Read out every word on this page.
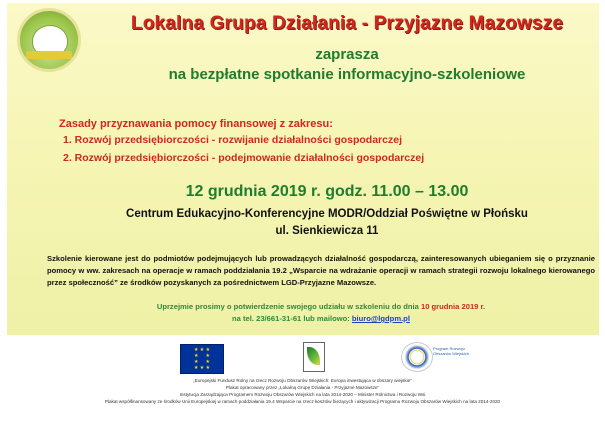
Lokalna Grupa Działania - Przyjazne Mazowsze
zaprasza
na bezpłatne spotkanie informacyjno-szkoleniowe
Zasady przyznawania pomocy finansowej z zakresu:
1. Rozwój przedsiębiorczości - rozwijanie działalności gospodarczej
2. Rozwój przedsiębiorczości - podejmowanie działalności gospodarczej
12 grudnia 2019 r. godz. 11.00 – 13.00
Centrum Edukacyjno-Konferencyjne MODR/Oddział Poświętne w Płońsku
ul. Sienkiewicza 11
Szkolenie kierowane jest do podmiotów podejmujących lub prowadzących działalność gospodarczą, zainteresowanych ubieganiem się o przyznanie pomocy w ww. zakresach na operacje w ramach poddziałania 19.2 „Wsparcie na wdrażanie operacji w ramach strategii rozwoju lokalnego kierowanego przez społeczność” ze środków pozyskanych za pośrednictwem LGD-Przyjazne Mazowsze.
Uprzejmie prosimy o potwierdzenie swojego udziału w szkoleniu do dnia 10 grudnia 2019 r.
na tel. 23/661-31-61 lub mailowo: biuro@lgdpm.pl
★ ★ ★
★     ★
★     ★
★ ★ ★
Program Rozwoju Obszarów Wiejskich
„Europejski Fundusz Rolny na rzecz Rozwoju Obszarów Wiejskich: Europa inwestująca w obszary wiejskie”
Plakat opracowany przez „Lokalną Grupę Działania - Przyjazne Mazowsze”
Instytucja Zarządzająca Programem Rozwoju Obszarów Wiejskich na lata 2014-2020 – Minister Rolnictwa i Rozwoju Wsi
Plakat współfinansowany ze środków Unii Europejskiej w ramach poddziałania 19.4 Wsparcie na rzecz kosztów bieżących i aktywizacji Programu Rozwoju Obszarów Wiejskich na lata 2014-2020
